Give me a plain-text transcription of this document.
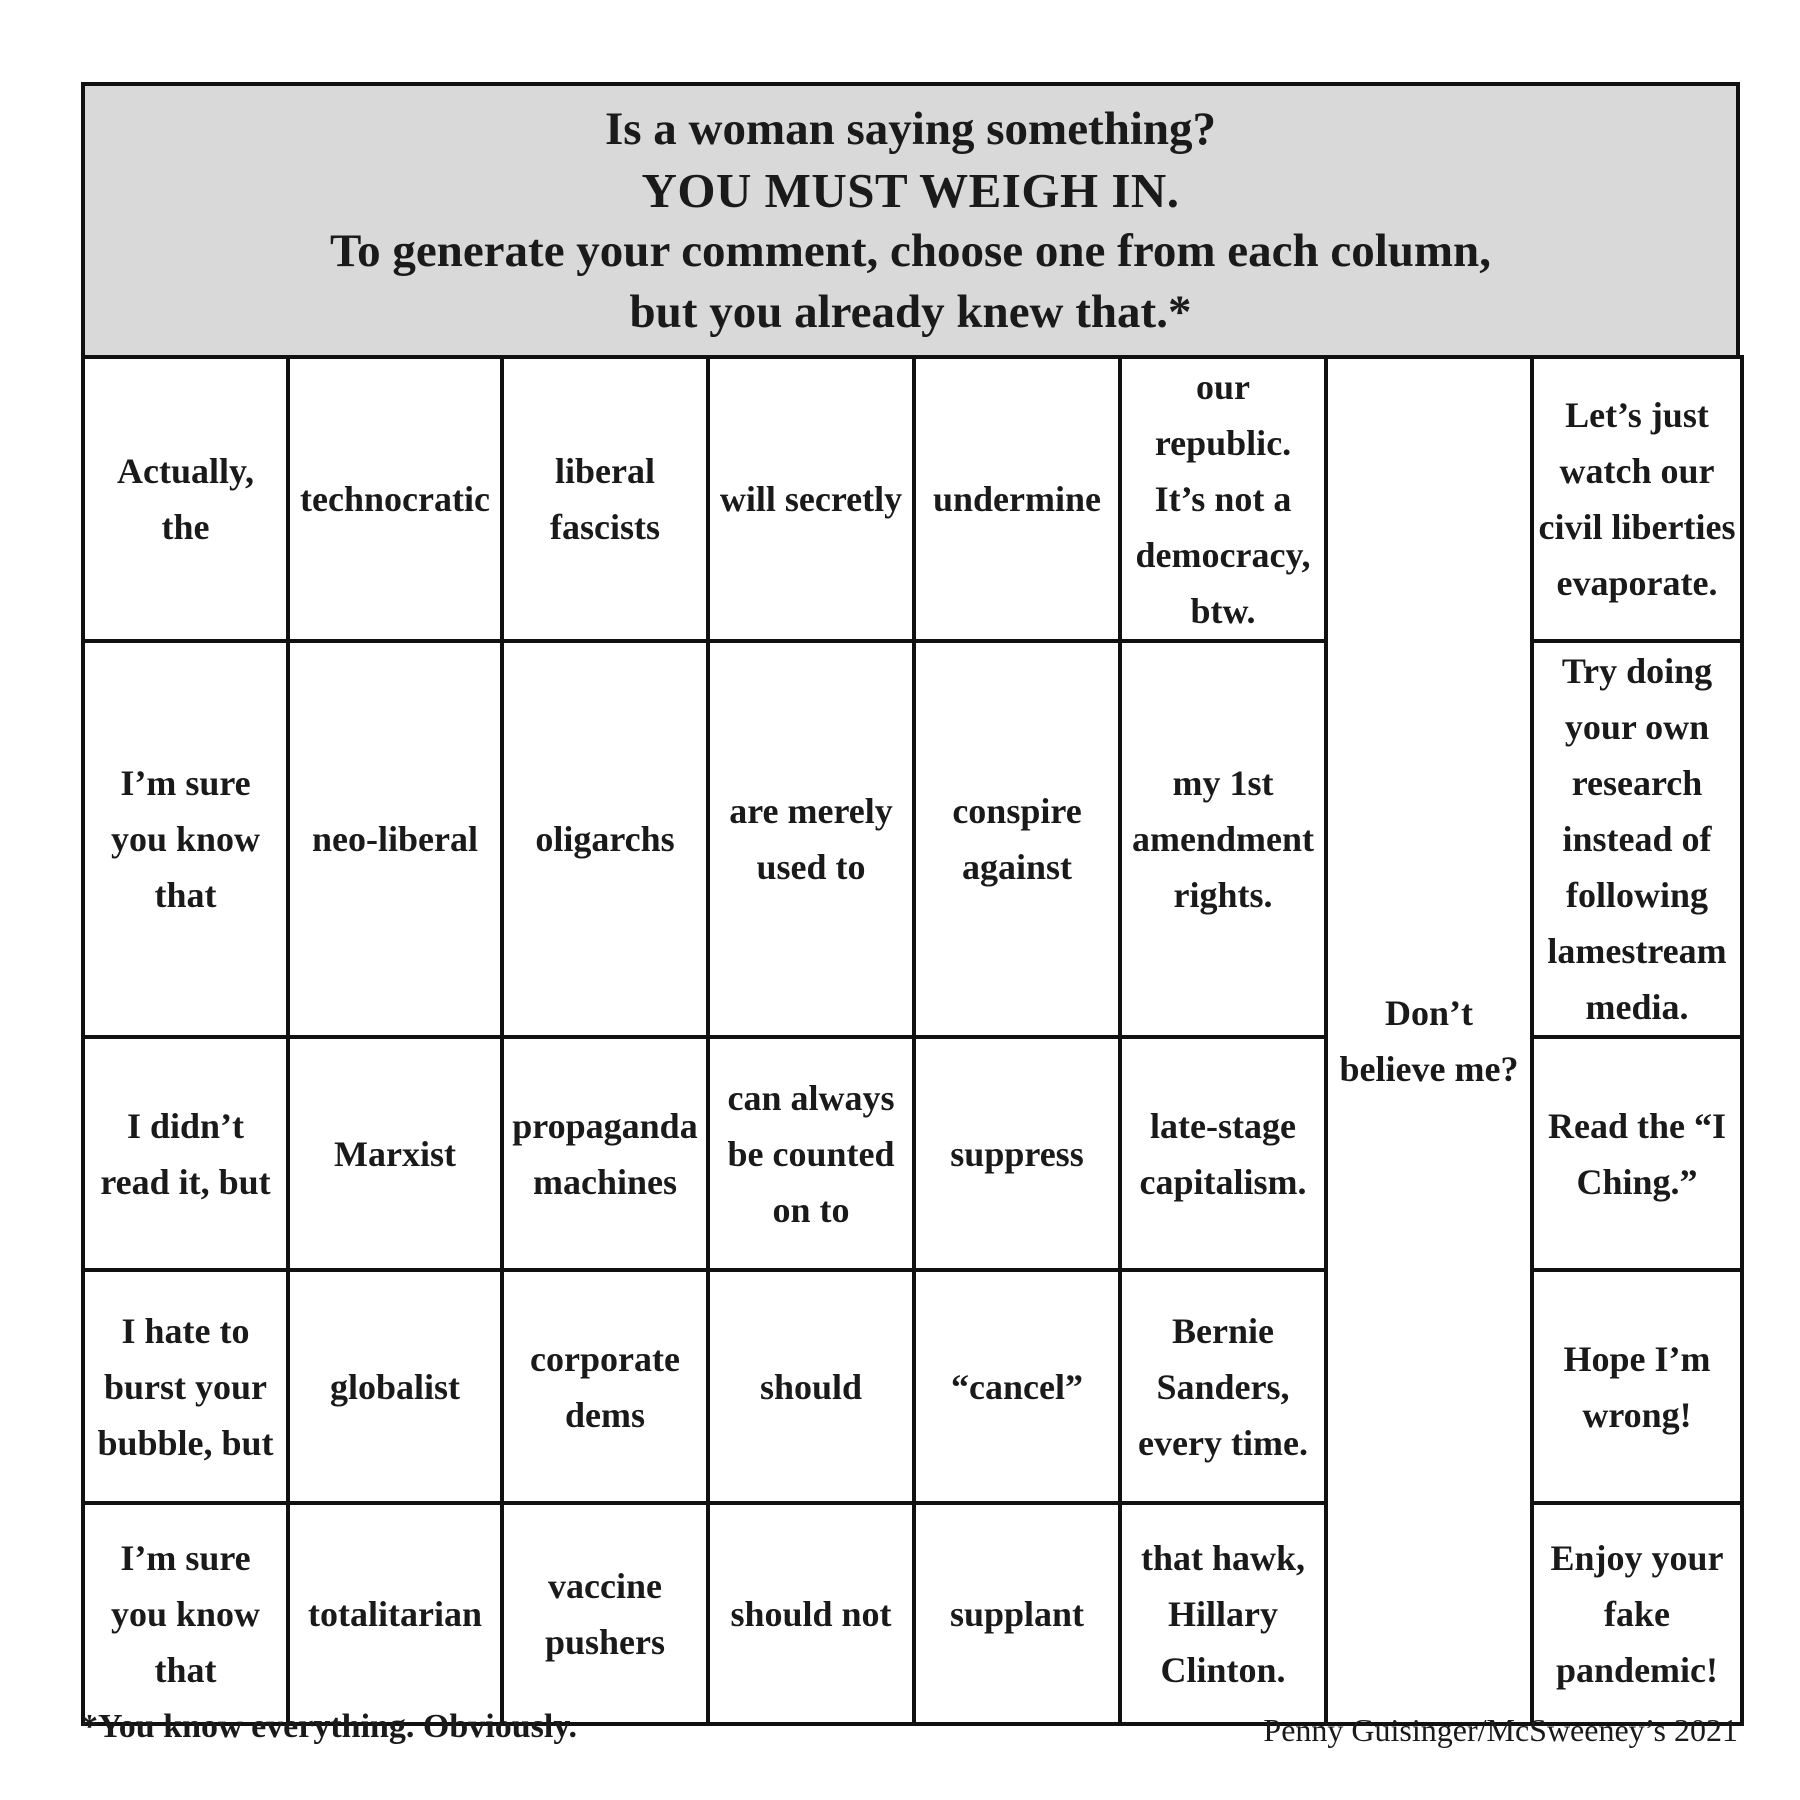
Is a woman saying something?
YOU MUST WEIGH IN.
To generate your comment, choose one from each column,
but you already knew that.*
Actually, the	technocratic	liberal fascists	will secretly	undermine	our republic. It’s not a democracy, btw.	Don’t believe me?	Let’s just watch our civil liberties evaporate.
I’m sure you know that	neo-liberal	oligarchs	are merely used to	conspire against	my 1st amendment rights.		Try doing your own research instead of following lamestream media.
I didn’t read it, but	Marxist	propaganda machines	can always be counted on to	suppress	late-stage capitalism.		Read the “I Ching.”
I hate to burst your bubble, but	globalist	corporate dems	should	“cancel”	Bernie Sanders, every time.		Hope I’m wrong!
I’m sure you know that	totalitarian	vaccine pushers	should not	supplant	that hawk, Hillary Clinton.		Enjoy your fake pandemic!
*You know everything. Obviously.	Penny Guisinger/McSweeney’s 2021
